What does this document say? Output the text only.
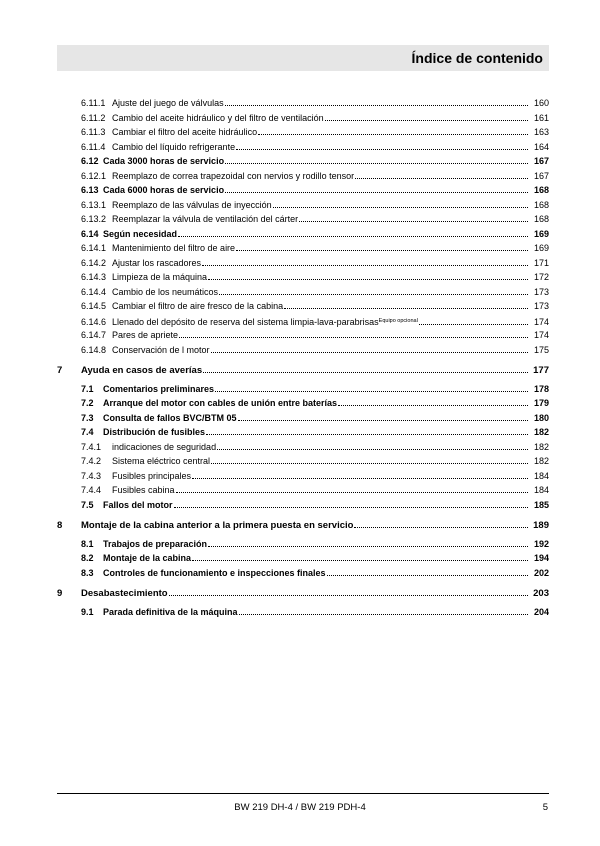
Índice de contenido
6.11.1 Ajuste del juego de válvulas	160
6.11.2 Cambio del aceite hidráulico y del filtro de ventilación	161
6.11.3 Cambiar el filtro del aceite hidráulico	163
6.11.4 Cambio del líquido refrigerante	164
6.12 Cada 3000 horas de servicio	167
6.12.1 Reemplazo de correa trapezoidal con nervios y rodillo tensor	167
6.13 Cada 6000 horas de servicio	168
6.13.1 Reemplazo de las válvulas de inyección	168
6.13.2 Reemplazar la válvula de ventilación del cárter	168
6.14 Según necesidad	169
6.14.1 Mantenimiento del filtro de aire	169
6.14.2 Ajustar los rascadores	171
6.14.3 Limpieza de la máquina	172
6.14.4 Cambio de los neumáticos	173
6.14.5 Cambiar el filtro de aire fresco de la cabina	173
6.14.6 Llenado del depósito de reserva del sistema limpia-lava-parabrisas$^{Equipo opcional}$	174
6.14.7 Pares de apriete	174
6.14.8 Conservación de l motor	175
7	Ayuda en casos de averías	177
7.1	Comentarios preliminares	178
7.2	Arranque del motor con cables de unión entre baterías	179
7.3	Consulta de fallos BVC/BTM 05	180
7.4	Distribución de fusibles	182
7.4.1	indicaciones de seguridad	182
7.4.2	Sistema eléctrico central	182
7.4.3	Fusibles principales	184
7.4.4	Fusibles cabina	184
7.5	Fallos del motor	185
8	Montaje de la cabina anterior a la primera puesta en servicio	189
8.1	Trabajos de preparación	192
8.2	Montaje de la cabina	194
8.3	Controles de funcionamiento e inspecciones finales	202
9	Desabastecimiento	203
9.1	Parada definitiva de la máquina	204
BW 219 DH-4 / BW 219 PDH-4	5
